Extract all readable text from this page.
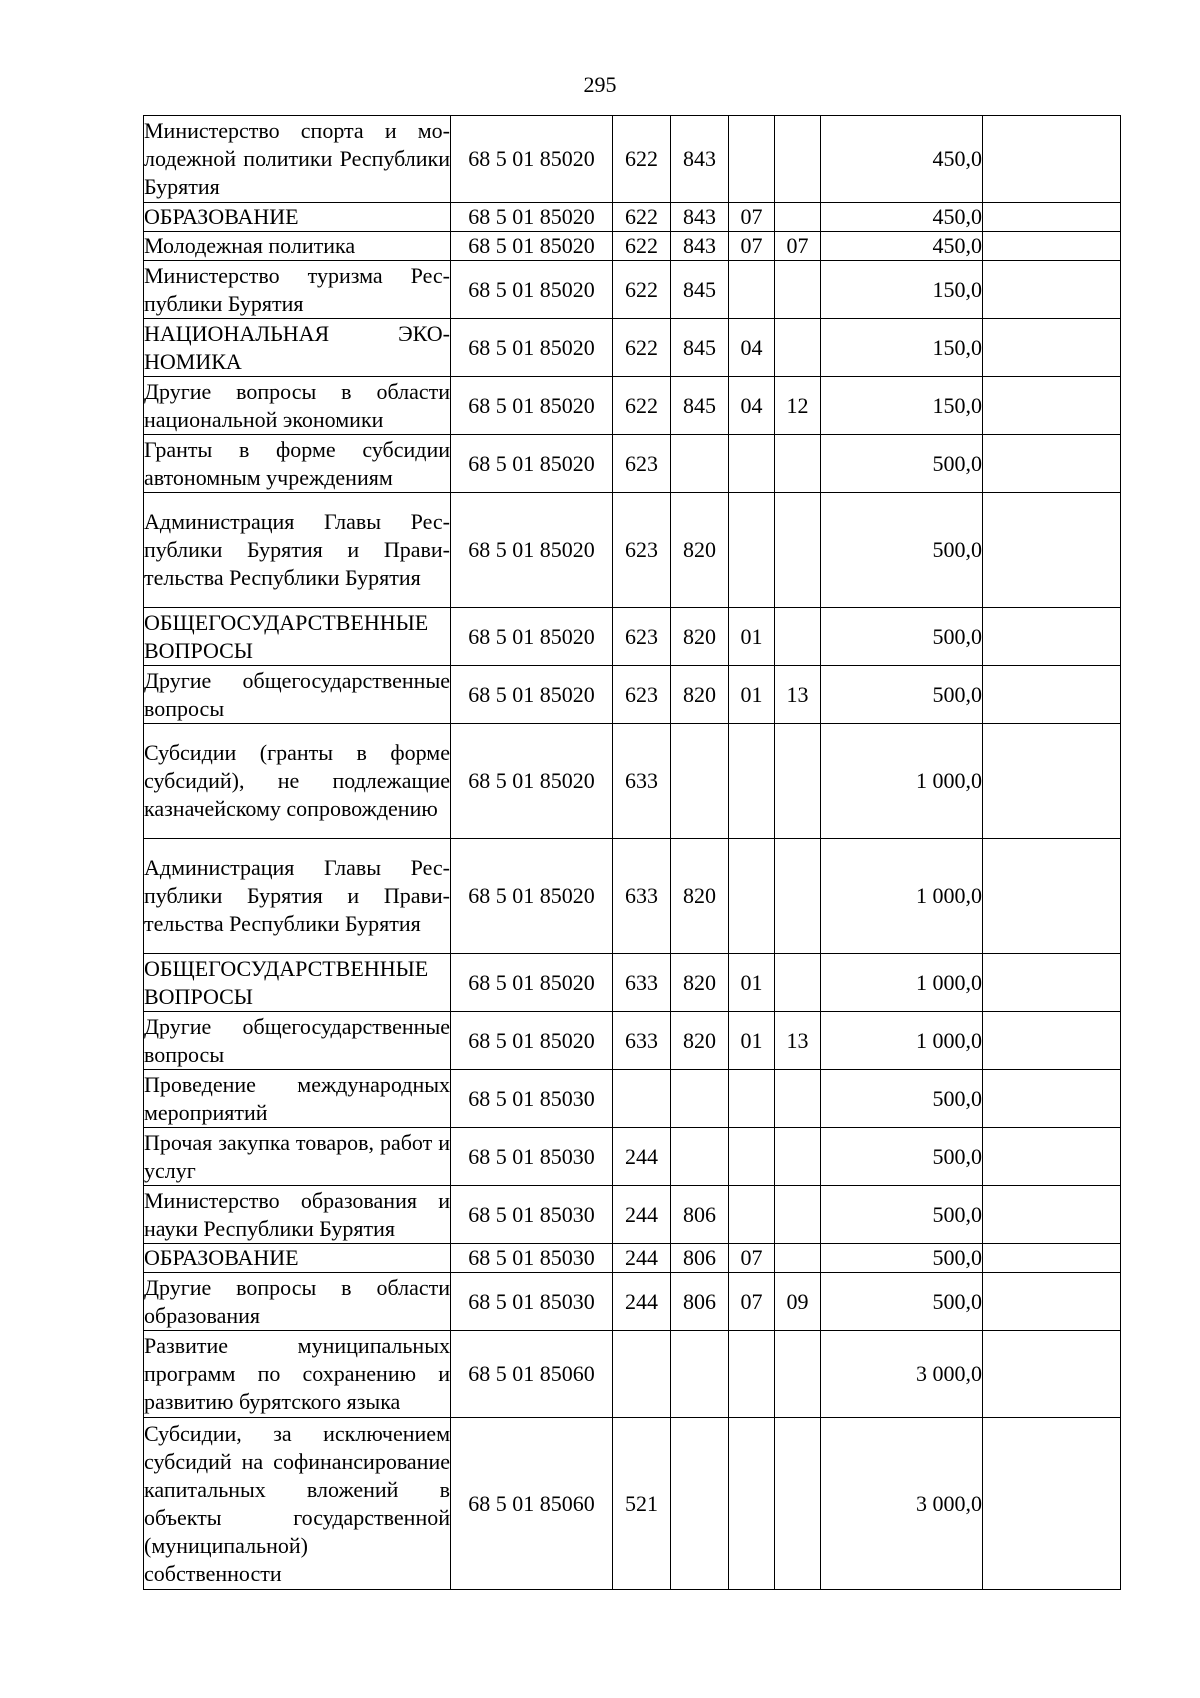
295
Министерство спорта и молодежной политики Республики Бурятия	68 5 01 85020	622	843			450,0	
ОБРАЗОВАНИЕ	68 5 01 85020	622	843	07		450,0	
Молодежная политика	68 5 01 85020	622	843	07	07	450,0	
Министерство туризма Республики Бурятия	68 5 01 85020	622	845			150,0	
НАЦИОНАЛЬНАЯ ЭКОНОМИКА	68 5 01 85020	622	845	04		150,0	
Другие вопросы в области национальной экономики	68 5 01 85020	622	845	04	12	150,0	
Гранты в форме субсидии автономным учреждениям	68 5 01 85020	623				500,0	
Администрация Главы Республики Бурятия и Правительства Республики Бурятия	68 5 01 85020	623	820			500,0	
ОБЩЕГОСУДАРСТВЕННЫЕ ВОПРОСЫ	68 5 01 85020	623	820	01		500,0	
Другие общегосударственные вопросы	68 5 01 85020	623	820	01	13	500,0	
Субсидии (гранты в форме субсидий), не подлежащие казначейскому сопровождению	68 5 01 85020	633				1 000,0	
Администрация Главы Республики Бурятия и Правительства Республики Бурятия	68 5 01 85020	633	820			1 000,0	
ОБЩЕГОСУДАРСТВЕННЫЕ ВОПРОСЫ	68 5 01 85020	633	820	01		1 000,0	
Другие общегосударственные вопросы	68 5 01 85020	633	820	01	13	1 000,0	
Проведение международных мероприятий	68 5 01 85030					500,0	
Прочая закупка товаров, работ и услуг	68 5 01 85030	244				500,0	
Министерство образования и науки Республики Бурятия	68 5 01 85030	244	806			500,0	
ОБРАЗОВАНИЕ	68 5 01 85030	244	806	07		500,0	
Другие вопросы в области образования	68 5 01 85030	244	806	07	09	500,0	
Развитие муниципальных программ по сохранению и развитию бурятского языка	68 5 01 85060					3 000,0	
Субсидии, за исключением субсидий на софинансирование капитальных вложений в объекты государственной (муниципальной) собственности	68 5 01 85060	521				3 000,0	
